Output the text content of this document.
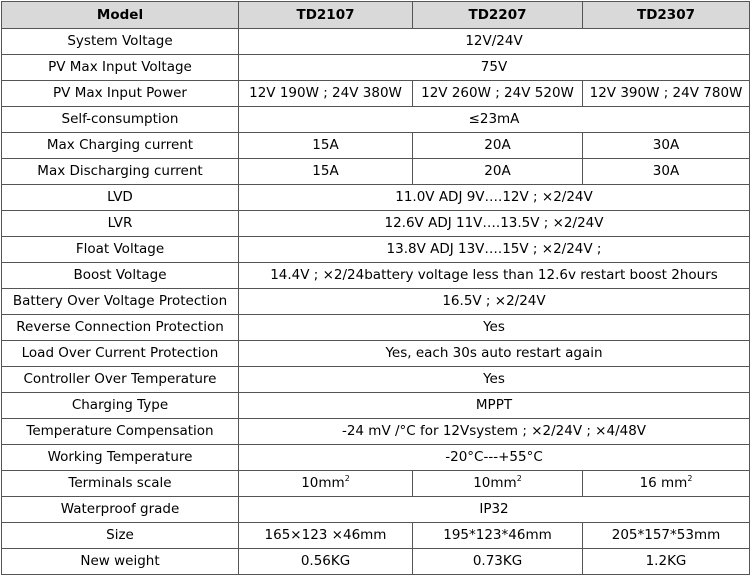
Model	TD2107	TD2207	TD2307
System Voltage	12V/24V		
PV Max Input Voltage	75V		
PV Max Input Power	12V 190W ; 24V 380W	12V 260W ; 24V 520W	12V 390W ; 24V 780W
Self-consumption	≤23mA		
Max Charging current	15A	20A	30A
Max Discharging current	15A	20A	30A
LVD	11.0V ADJ 9V….12V ; ×2/24V		
LVR	12.6V ADJ 11V….13.5V ; ×2/24V		
Float Voltage	13.8V ADJ 13V….15V ; ×2/24V ;		
Boost Voltage	14.4V ; ×2/24battery voltage less than 12.6v restart boost 2hours		
Battery Over Voltage Protection	16.5V ; ×2/24V		
Reverse Connection Protection	Yes		
Load Over Current Protection	Yes, each 30s auto restart again		
Controller Over Temperature	Yes		
Charging Type	MPPT		
Temperature Compensation	-24 mV /°C for 12Vsystem ; ×2/24V ; ×4/48V		
Working Temperature	-20°C---+55°C		
Terminals scale	$10mm^2$	$10mm^2$	16 $mm^2$
Waterproof grade	IP32		
Size	165×123 ×46mm	195*123*46mm	205*157*53mm
New weight	0.56KG	0.73KG	1.2KG
